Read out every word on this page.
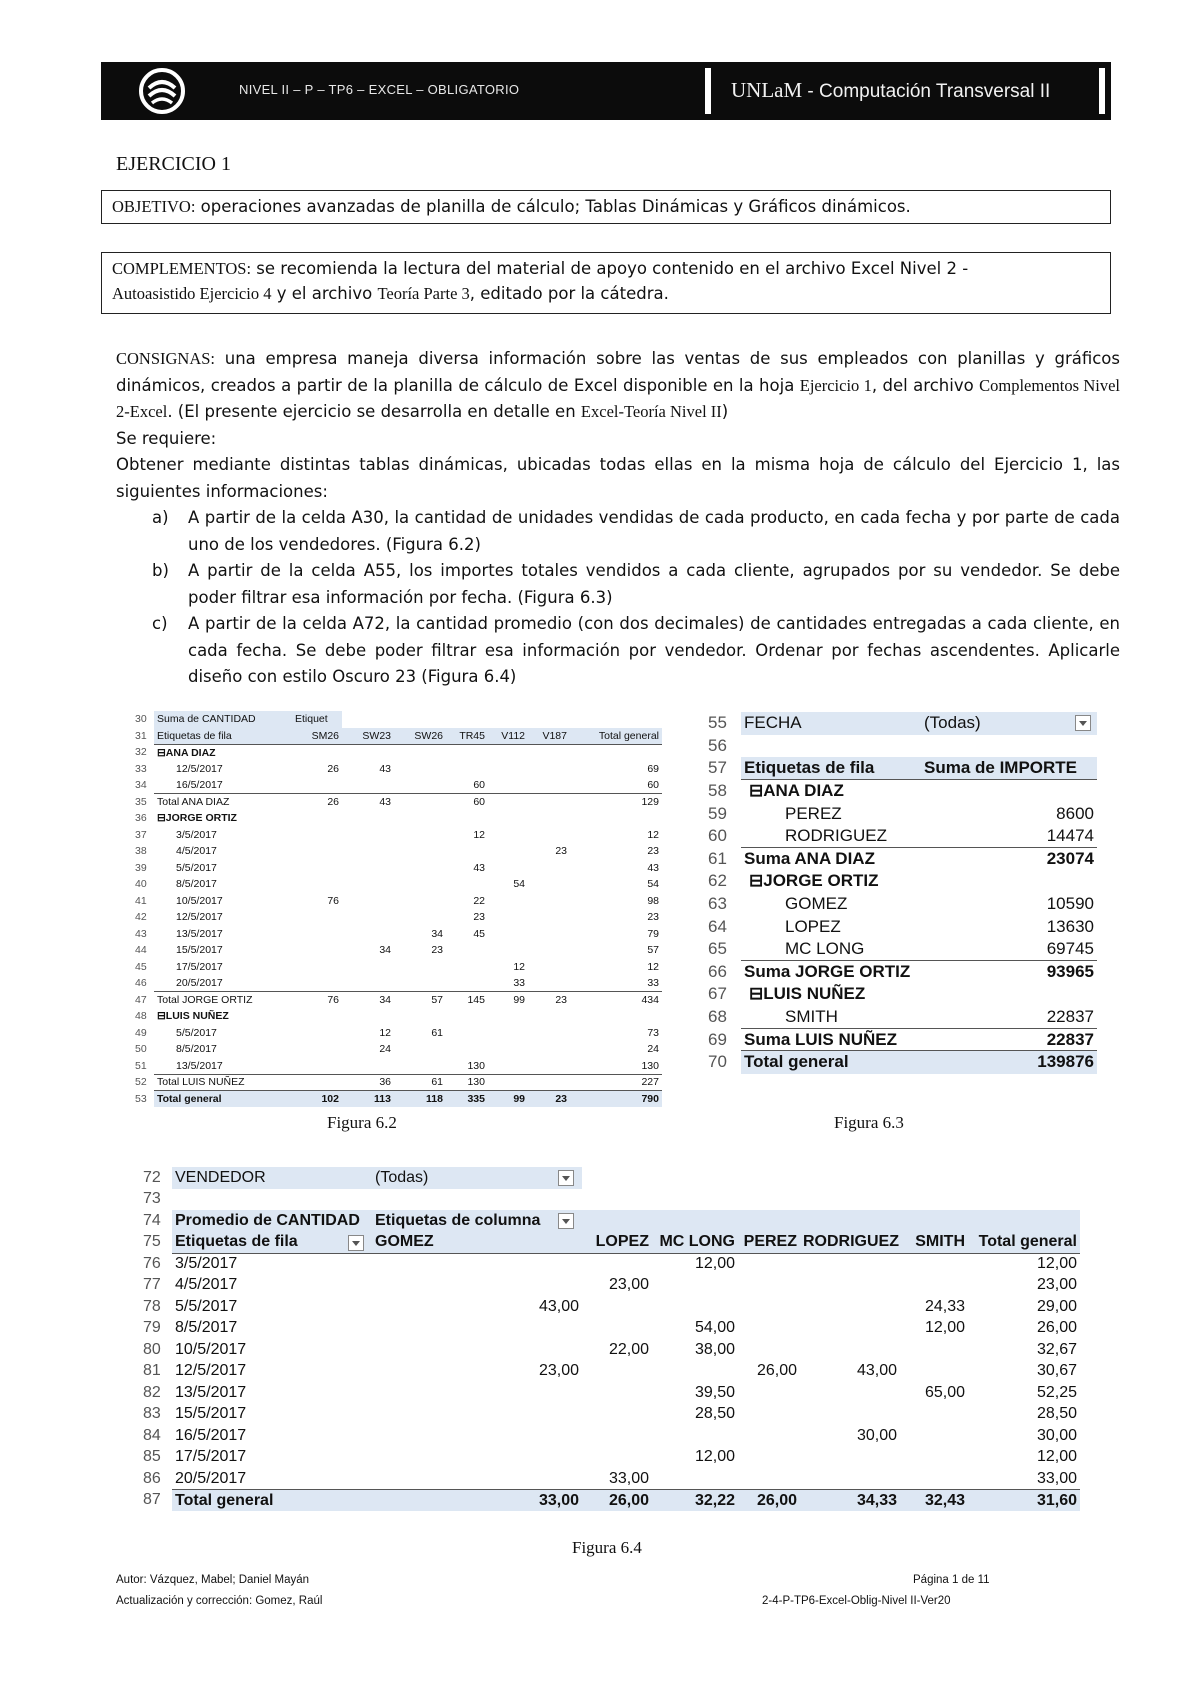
NIVEL II – P – TP6 – EXCEL – OBLIGATORIO	UNLaM - Computación Transversal II
EJERCICIO 1
OBJETIVO: operaciones avanzadas de planilla de cálculo; Tablas Dinámicas y Gráficos dinámicos.
COMPLEMENTOS: se recomienda la lectura del material de apoyo contenido en el archivo Excel Nivel 2 -
Autoasistido Ejercicio 4 y el archivo Teoría Parte 3, editado por la cátedra.

CONSIGNAS: una empresa maneja diversa información sobre las ventas de sus empleados con planillas y gráficos dinámicos, creados a partir de la planilla de cálculo de Excel disponible en la hoja Ejercicio 1, del archivo Complementos Nivel 2-Excel. (El presente ejercicio se desarrolla en detalle en Excel-Teoría Nivel II)

Se requiere:

Obtener mediante distintas tablas dinámicas, ubicadas todas ellas en la misma hoja de cálculo del Ejercicio 1, las siguientes informaciones:

a) A partir de la celda A30, la cantidad de unidades vendidas de cada producto, en cada fecha y por parte de cada uno de los vendedores. (Figura 6.2)
b) A partir de la celda A55, los importes totales vendidos a cada cliente, agrupados por su vendedor. Se debe poder filtrar esa información por fecha. (Figura 6.3)
c) A partir de la celda A72, la cantidad promedio (con dos decimales) de cantidades entregadas a cada cliente, en cada fecha. Se debe poder filtrar esa información por vendedor. Ordenar por fechas ascendentes. Aplicarle diseño con estilo Oscuro 23 (Figura 6.4)
30	Suma de CANTIDAD	Etiquet						
31	Etiquetas de fila	SM26	SW23	SW26	TR45	V112	V187	Total general
32	⊟ANA DIAZ							
33	12/5/2017	26	43					69
34	16/5/2017				60			60
35	Total ANA DIAZ	26	43		60			129
36	⊟JORGE ORTIZ							
37	3/5/2017				12			12
38	4/5/2017						23	23
39	5/5/2017				43			43
40	8/5/2017					54		54
41	10/5/2017	76			22			98
42	12/5/2017				23			23
43	13/5/2017			34	45			79
44	15/5/2017		34	23				57
45	17/5/2017					12		12
46	20/5/2017					33		33
47	Total JORGE ORTIZ	76	34	57	145	99	23	434
48	⊟LUIS NUÑEZ							
49	5/5/2017		12	61				73
50	8/5/2017		24					24
51	13/5/2017				130			130
52	Total LUIS NUÑEZ		36	61	130			227
53	Total general	102	113	118	335	99	23	790
Figura 6.2
55	FECHA	(Todas)

56		
57	Etiquetas de fila	Suma de IMPORTE
58	⊟ANA DIAZ	
59	PEREZ	8600
60	RODRIGUEZ	14474
61	Suma ANA DIAZ	23074
62	⊟JORGE ORTIZ	
63	GOMEZ	10590
64	LOPEZ	13630
65	MC LONG	69745
66	Suma JORGE ORTIZ	93965
67	⊟LUIS NUÑEZ	
68	SMITH	22837
69	Suma LUIS NUÑEZ	22837
70	Total general	139876
Figura 6.3
72	VENDEDOR	(Todas)

73								
74	Promedio de CANTIDAD	Etiquetas de columna

75	Etiquetas de fila	GOMEZ	LOPEZ	MC LONG	PEREZ	RODRIGUEZ	SMITH	Total general
76	3/5/2017			12,00				12,00
77	4/5/2017		23,00					23,00
78	5/5/2017	43,00					24,33	29,00
79	8/5/2017			54,00			12,00	26,00
80	10/5/2017		22,00	38,00				32,67
81	12/5/2017	23,00			26,00	43,00		30,67
82	13/5/2017			39,50			65,00	52,25
83	15/5/2017			28,50				28,50
84	16/5/2017					30,00		30,00
85	17/5/2017			12,00				12,00
86	20/5/2017		33,00					33,00
87	Total general	33,00	26,00	32,22	26,00	34,33	32,43	31,60
Figura 6.4
Autor: Vázquez, Mabel; Daniel Mayán
Actualización y corrección: Gomez, Raúl
Página 1 de 11
2-4-P-TP6-Excel-Oblig-Nivel II-Ver20
